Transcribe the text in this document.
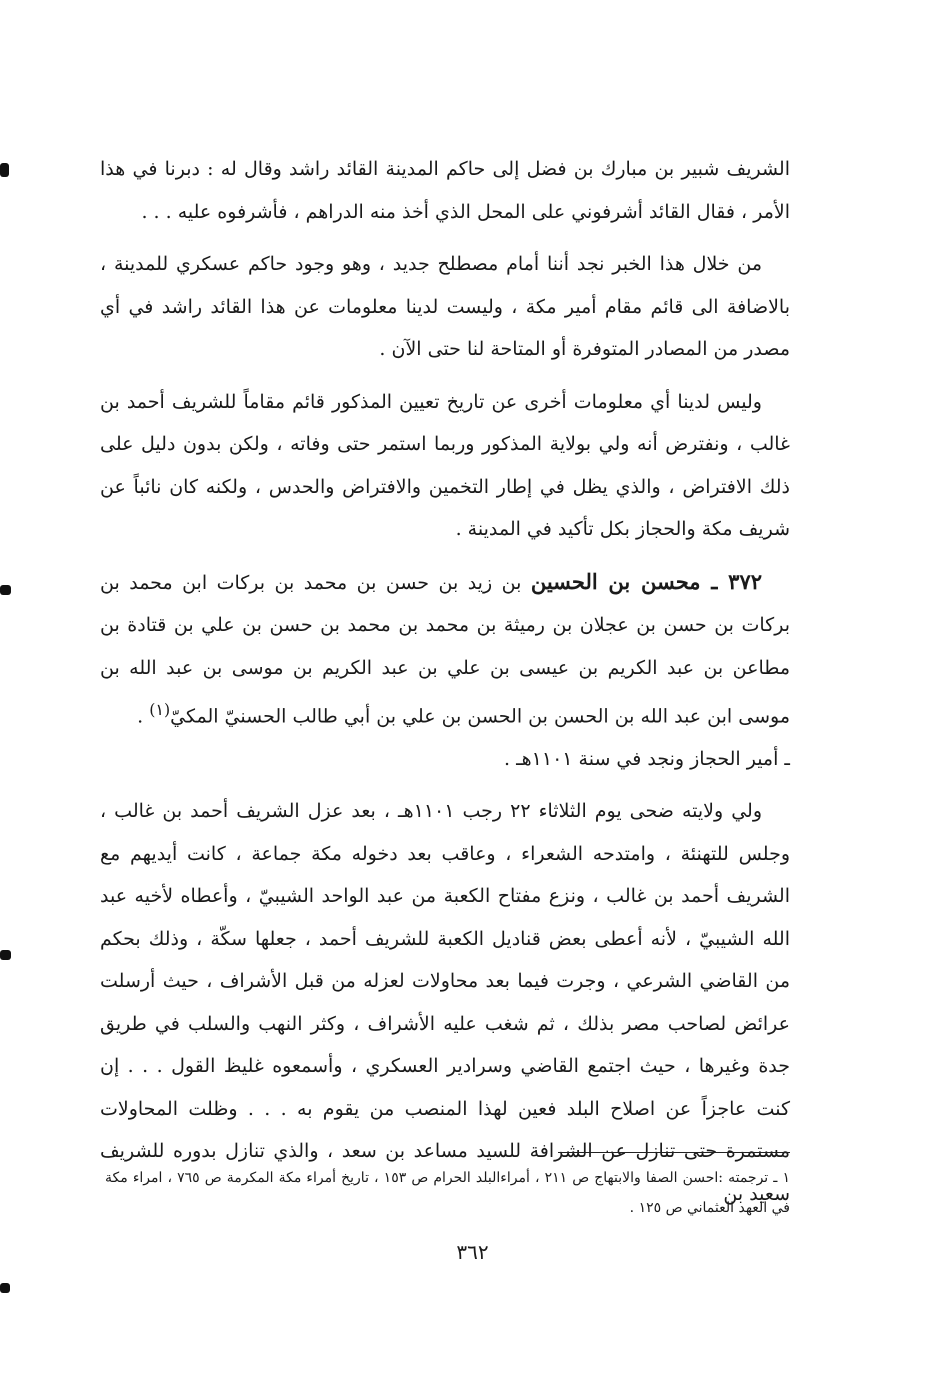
الشريف شبير بن مبارك بن فضل إلى حاكم المدينة القائد راشد وقال له : دبرنا في هذا الأمر ، فقال القائد أشرفوني على المحل الذي أخذ منه الدراهم ، فأشرفوه عليه . . .

من خلال هذا الخبر نجد أننا أمام مصطلح جديد ، وهو وجود حاكم عسكري للمدينة ، بالاضافة الى قائم مقام أمير مكة ، وليست لدينا معلومات عن هذا القائد راشد في أي مصدر من المصادر المتوفرة أو المتاحة لنا حتى الآن .

وليس لدينا أي معلومات أخرى عن تاريخ تعيين المذكور قائم مقاماً للشريف أحمد بن غالب ، ونفترض أنه ولي بولاية المذكور وربما استمر حتى وفاته ، ولكن بدون دليل على ذلك الافتراض ، والذي يظل في إطار التخمين والافتراض والحدس ، ولكنه كان نائباً عن شريف مكة والحجاز بكل تأكيد في المدينة .

٣٧٢ ـ محسن بن الحسين بن زيد بن حسن بن محمد بن بركات ابن محمد بن بركات بن حسن بن عجلان بن رميثة بن محمد بن محمد بن حسن بن علي بن قتادة بن مطاعن بن عبد الكريم بن عيسى بن علي بن عبد الكريم بن موسى بن عبد الله بن موسى ابن عبد الله بن الحسن بن الحسن بن علي بن أبي طالب الحسنيّ المكيّ$^{(١)}$ .

ـ أمير الحجاز ونجد في سنة ١١٠١هـ .

ولي ولايته ضحى يوم الثلاثاء ٢٢ رجب ١١٠١هـ ، بعد عزل الشريف أحمد بن غالب ، وجلس للتهنئة ، وامتدحه الشعراء ، وعاقب بعد دخوله مكة جماعة ، كانت أيديهم مع الشريف أحمد بن غالب ، ونزع مفتاح الكعبة من عبد الواحد الشيبيّ ، وأعطاه لأخيه عبد الله الشيبيّ ، لأنه أعطى بعض قناديل الكعبة للشريف أحمد ، جعلها سكّة ، وذلك بحكم من القاضي الشرعي ، وجرت فيما بعد محاولات لعزله من قبل الأشراف ، حيث أرسلت عرائض لصاحب مصر بذلك ، ثم شغب عليه الأشراف ، وكثر النهب والسلب في طريق جدة وغيرها ، حيث اجتمع القاضي وسرادير العسكري ، وأسمعوه غليظ القول . . . إن كنت عاجزاً عن اصلاح البلد فعين لهذا المنصب من يقوم به . . . وظلت المحاولات مستمرة حتى تنازل عن الشرافة للسيد مساعد بن سعد ، والذي تنازل بدوره للشريف سعيد بن

١ ـ ترجمته :احسن الصفا والابتهاج ص ٢١١ ، أمراءالبلد الحرام ص ١٥٣ ، تاريخ أمراء مكة المكرمة ص ٧٦٥ ، امراء مكة في العهد العثماني ص ١٢٥ .

٣٦٢
